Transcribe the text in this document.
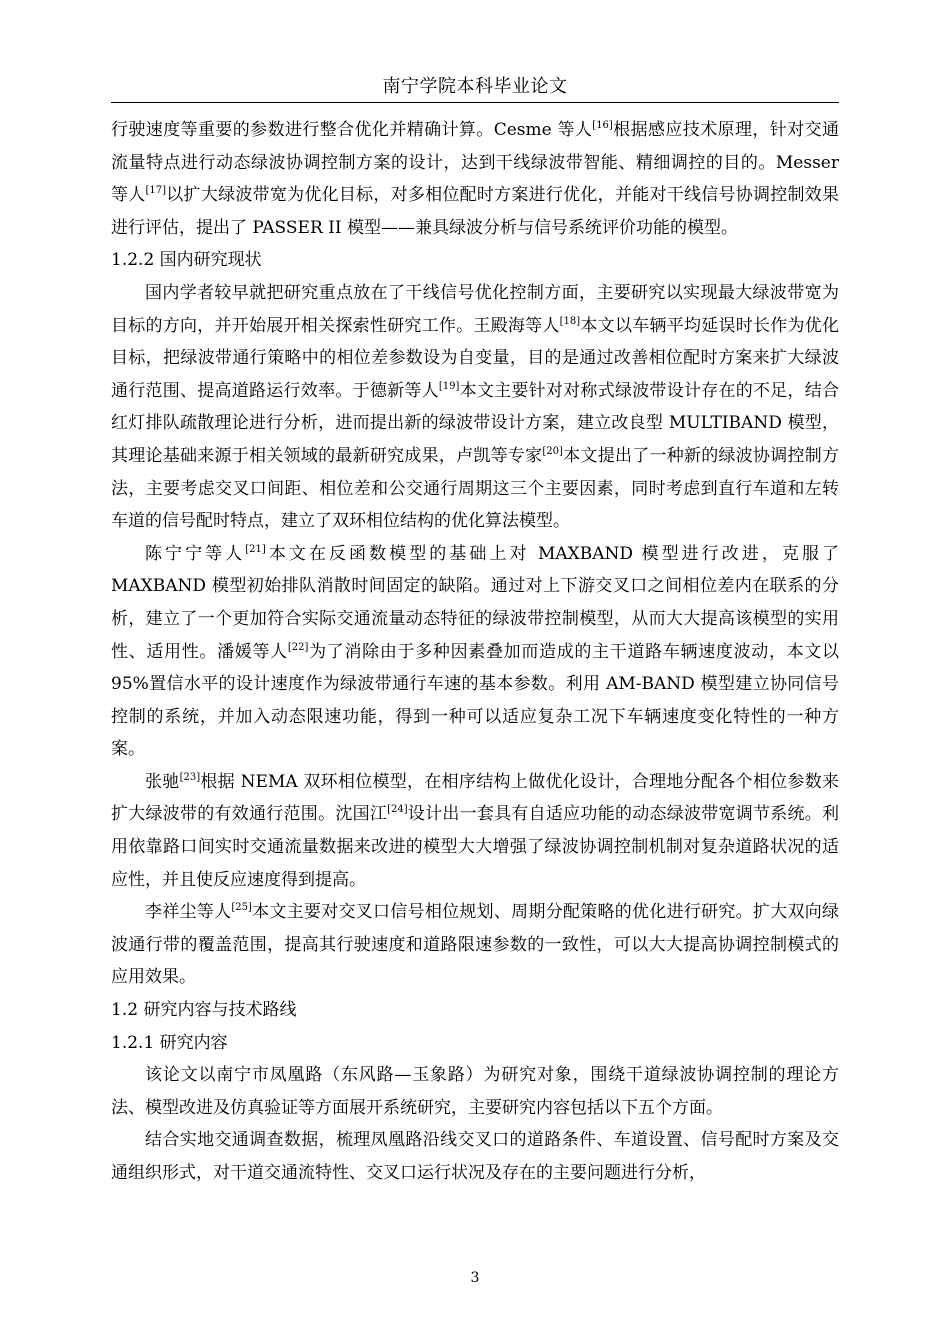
南宁学院本科毕业论文

行驶速度等重要的参数进行整合优化并精确计算。Cesme 等人[16]根据感应技术原理，针对交通流量特点进行动态绿波协调控制方案的设计，达到干线绿波带智能、精细调控的目的。Messer 等人[17]以扩大绿波带宽为优化目标，对多相位配时方案进行优化，并能对干线信号协调控制效果进行评估，提出了 PASSER II 模型——兼具绿波分析与信号系统评价功能的模型。

1.2.2 国内研究现状

国内学者较早就把研究重点放在了干线信号优化控制方面，主要研究以实现最大绿波带宽为目标的方向，并开始展开相关探索性研究工作。王殿海等人[18]本文以车辆平均延误时长作为优化目标，把绿波带通行策略中的相位差参数设为自变量，目的是通过改善相位配时方案来扩大绿波通行范围、提高道路运行效率。于德新等人[19]本文主要针对对称式绿波带设计存在的不足，结合红灯排队疏散理论进行分析，进而提出新的绿波带设计方案，建立改良型 MULTIBAND 模型，其理论基础来源于相关领域的最新研究成果，卢凯等专家[20]本文提出了一种新的绿波协调控制方法，主要考虑交叉口间距、相位差和公交通行周期这三个主要因素，同时考虑到直行车道和左转车道的信号配时特点，建立了双环相位结构的优化算法模型。

陈宁宁等人[21]本文在反函数模型的基础上对 MAXBAND 模型进行改进，克服了 MAXBAND 模型初始排队消散时间固定的缺陷。通过对上下游交叉口之间相位差内在联系的分析，建立了一个更加符合实际交通流量动态特征的绿波带控制模型，从而大大提高该模型的实用性、适用性。潘媛等人[22]为了消除由于多种因素叠加而造成的主干道路车辆速度波动，本文以 95%置信水平的设计速度作为绿波带通行车速的基本参数。利用 AM-BAND 模型建立协同信号控制的系统，并加入动态限速功能，得到一种可以适应复杂工况下车辆速度变化特性的一种方案。

张驰[23]根据 NEMA 双环相位模型，在相序结构上做优化设计，合理地分配各个相位参数来扩大绿波带的有效通行范围。沈国江[24]设计出一套具有自适应功能的动态绿波带宽调节系统。利用依靠路口间实时交通流量数据来改进的模型大大增强了绿波协调控制机制对复杂道路状况的适应性，并且使反应速度得到提高。

李祥尘等人[25]本文主要对交叉口信号相位规划、周期分配策略的优化进行研究。扩大双向绿波通行带的覆盖范围，提高其行驶速度和道路限速参数的一致性，可以大大提高协调控制模式的应用效果。

1.2 研究内容与技术路线

1.2.1 研究内容

该论文以南宁市凤凰路（东风路—玉象路）为研究对象，围绕干道绿波协调控制的理论方法、模型改进及仿真验证等方面展开系统研究，主要研究内容包括以下五个方面。

结合实地交通调查数据，梳理凤凰路沿线交叉口的道路条件、车道设置、信号配时方案及交通组织形式，对干道交通流特性、交叉口运行状况及存在的主要问题进行分析，

3
